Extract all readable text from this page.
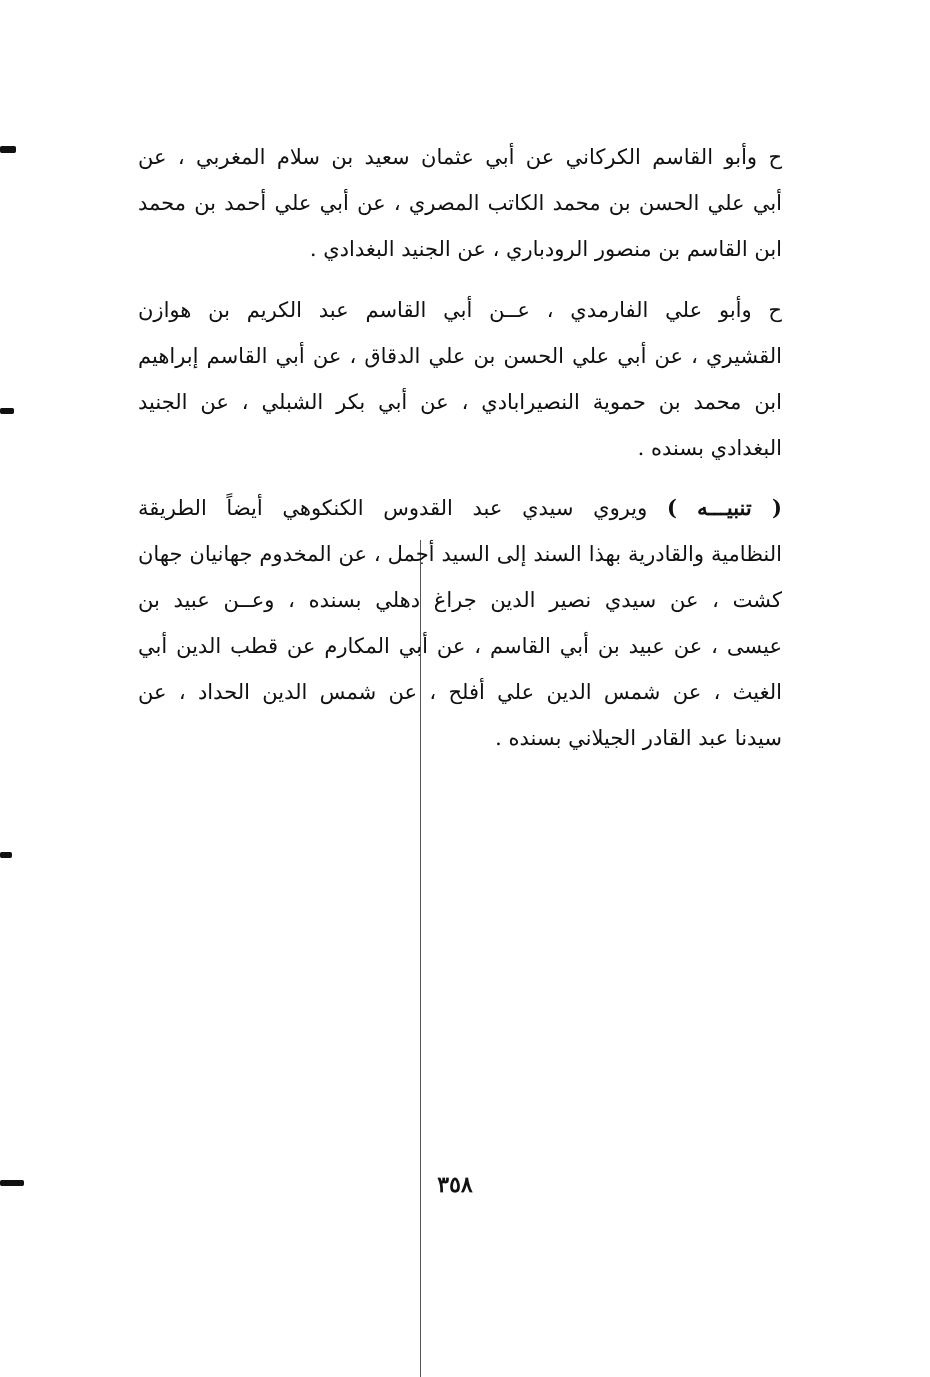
ح وأبو القاسم الكركاني عن أبي عثمان سعيد بن سلام المغربي ، عن
أبي علي الحسن بن محمد الكاتب المصري ، عن أبي علي أحمد بن محمد
ابن القاسم بن منصور الرودباري ، عن الجنيد البغدادي .
ح وأبو علي الفارمدي ، عــن أبي القاسم عبد الكريم بن هوازن
القشيري ، عن أبي علي الحسن بن علي الدقاق ، عن أبي القاسم إبراهيم
ابن محمد بن حموية النصيرابادي ، عن أبي بكر الشبلي ، عن الجنيد
البغدادي بسنده .
( تنبيـــه ) ويروي سيدي عبد القدوس الكنكوهي أيضاً الطريقة
النظامية والقادرية بهذا السند إلى السيد أجمل ، عن المخدوم جهانيان جهان
كشت ، عن سيدي نصير الدين جراغ دهلي بسنده ، وعــن عبيد بن
عيسى ، عن عبيد بن أبي القاسم ، عن أبي المكارم عن قطب الدين أبي
الغيث ، عن شمس الدين علي أفلح ، عن شمس الدين الحداد ، عن
سيدنا عبد القادر الجيلاني بسنده .
٣٥٨
